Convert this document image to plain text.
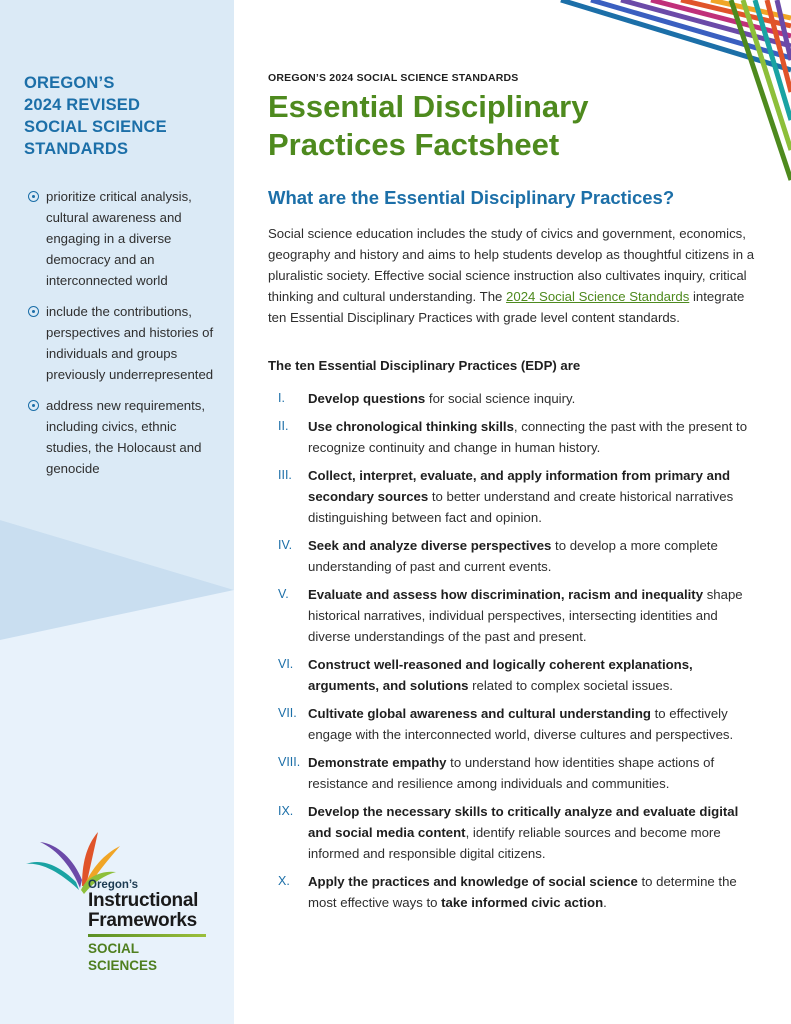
OREGON’S
2024 REVISED
SOCIAL SCIENCE
STANDARDS
prioritize critical analysis, cultural awareness and engaging in a diverse democracy and an interconnected world
include the contributions, perspectives and histories of individuals and groups previously underrepresented
address new requirements, including civics, ethnic studies, the Holocaust and genocide
Oregon’s
Instructional
Frameworks
SOCIAL
SCIENCES
OREGON’S 2024 SOCIAL SCIENCE STANDARDS
Essential Disciplinary Practices Factsheet
What are the Essential Disciplinary Practices?

Social science education includes the study of civics and government, economics, geography and history and aims to help students develop as thoughtful citizens in a pluralistic society. Effective social science instruction also cultivates inquiry, critical thinking and cultural understanding. The 2024 Social Science Standards integrate ten Essential Disciplinary Practices with grade level content standards.

The ten Essential Disciplinary Practices (EDP) are
I. Develop questions for social science inquiry.
II. Use chronological thinking skills, connecting the past with the present to recognize continuity and change in human history.
III. Collect, interpret, evaluate, and apply information from primary and secondary sources to better understand and create historical narratives distinguishing between fact and opinion.
IV. Seek and analyze diverse perspectives to develop a more complete understanding of past and current events.
V. Evaluate and assess how discrimination, racism and inequality shape historical narratives, individual perspectives, intersecting identities and diverse understandings of the past and present.
VI. Construct well-reasoned and logically coherent explanations, arguments, and solutions related to complex societal issues.
VII. Cultivate global awareness and cultural understanding to effectively engage with the interconnected world, diverse cultures and perspectives.
VIII. Demonstrate empathy to understand how identities shape actions of resistance and resilience among individuals and communities.
IX. Develop the necessary skills to critically analyze and evaluate digital and social media content, identify reliable sources and become more informed and responsible digital citizens.
X. Apply the practices and knowledge of social science to determine the most effective ways to take informed civic action.
